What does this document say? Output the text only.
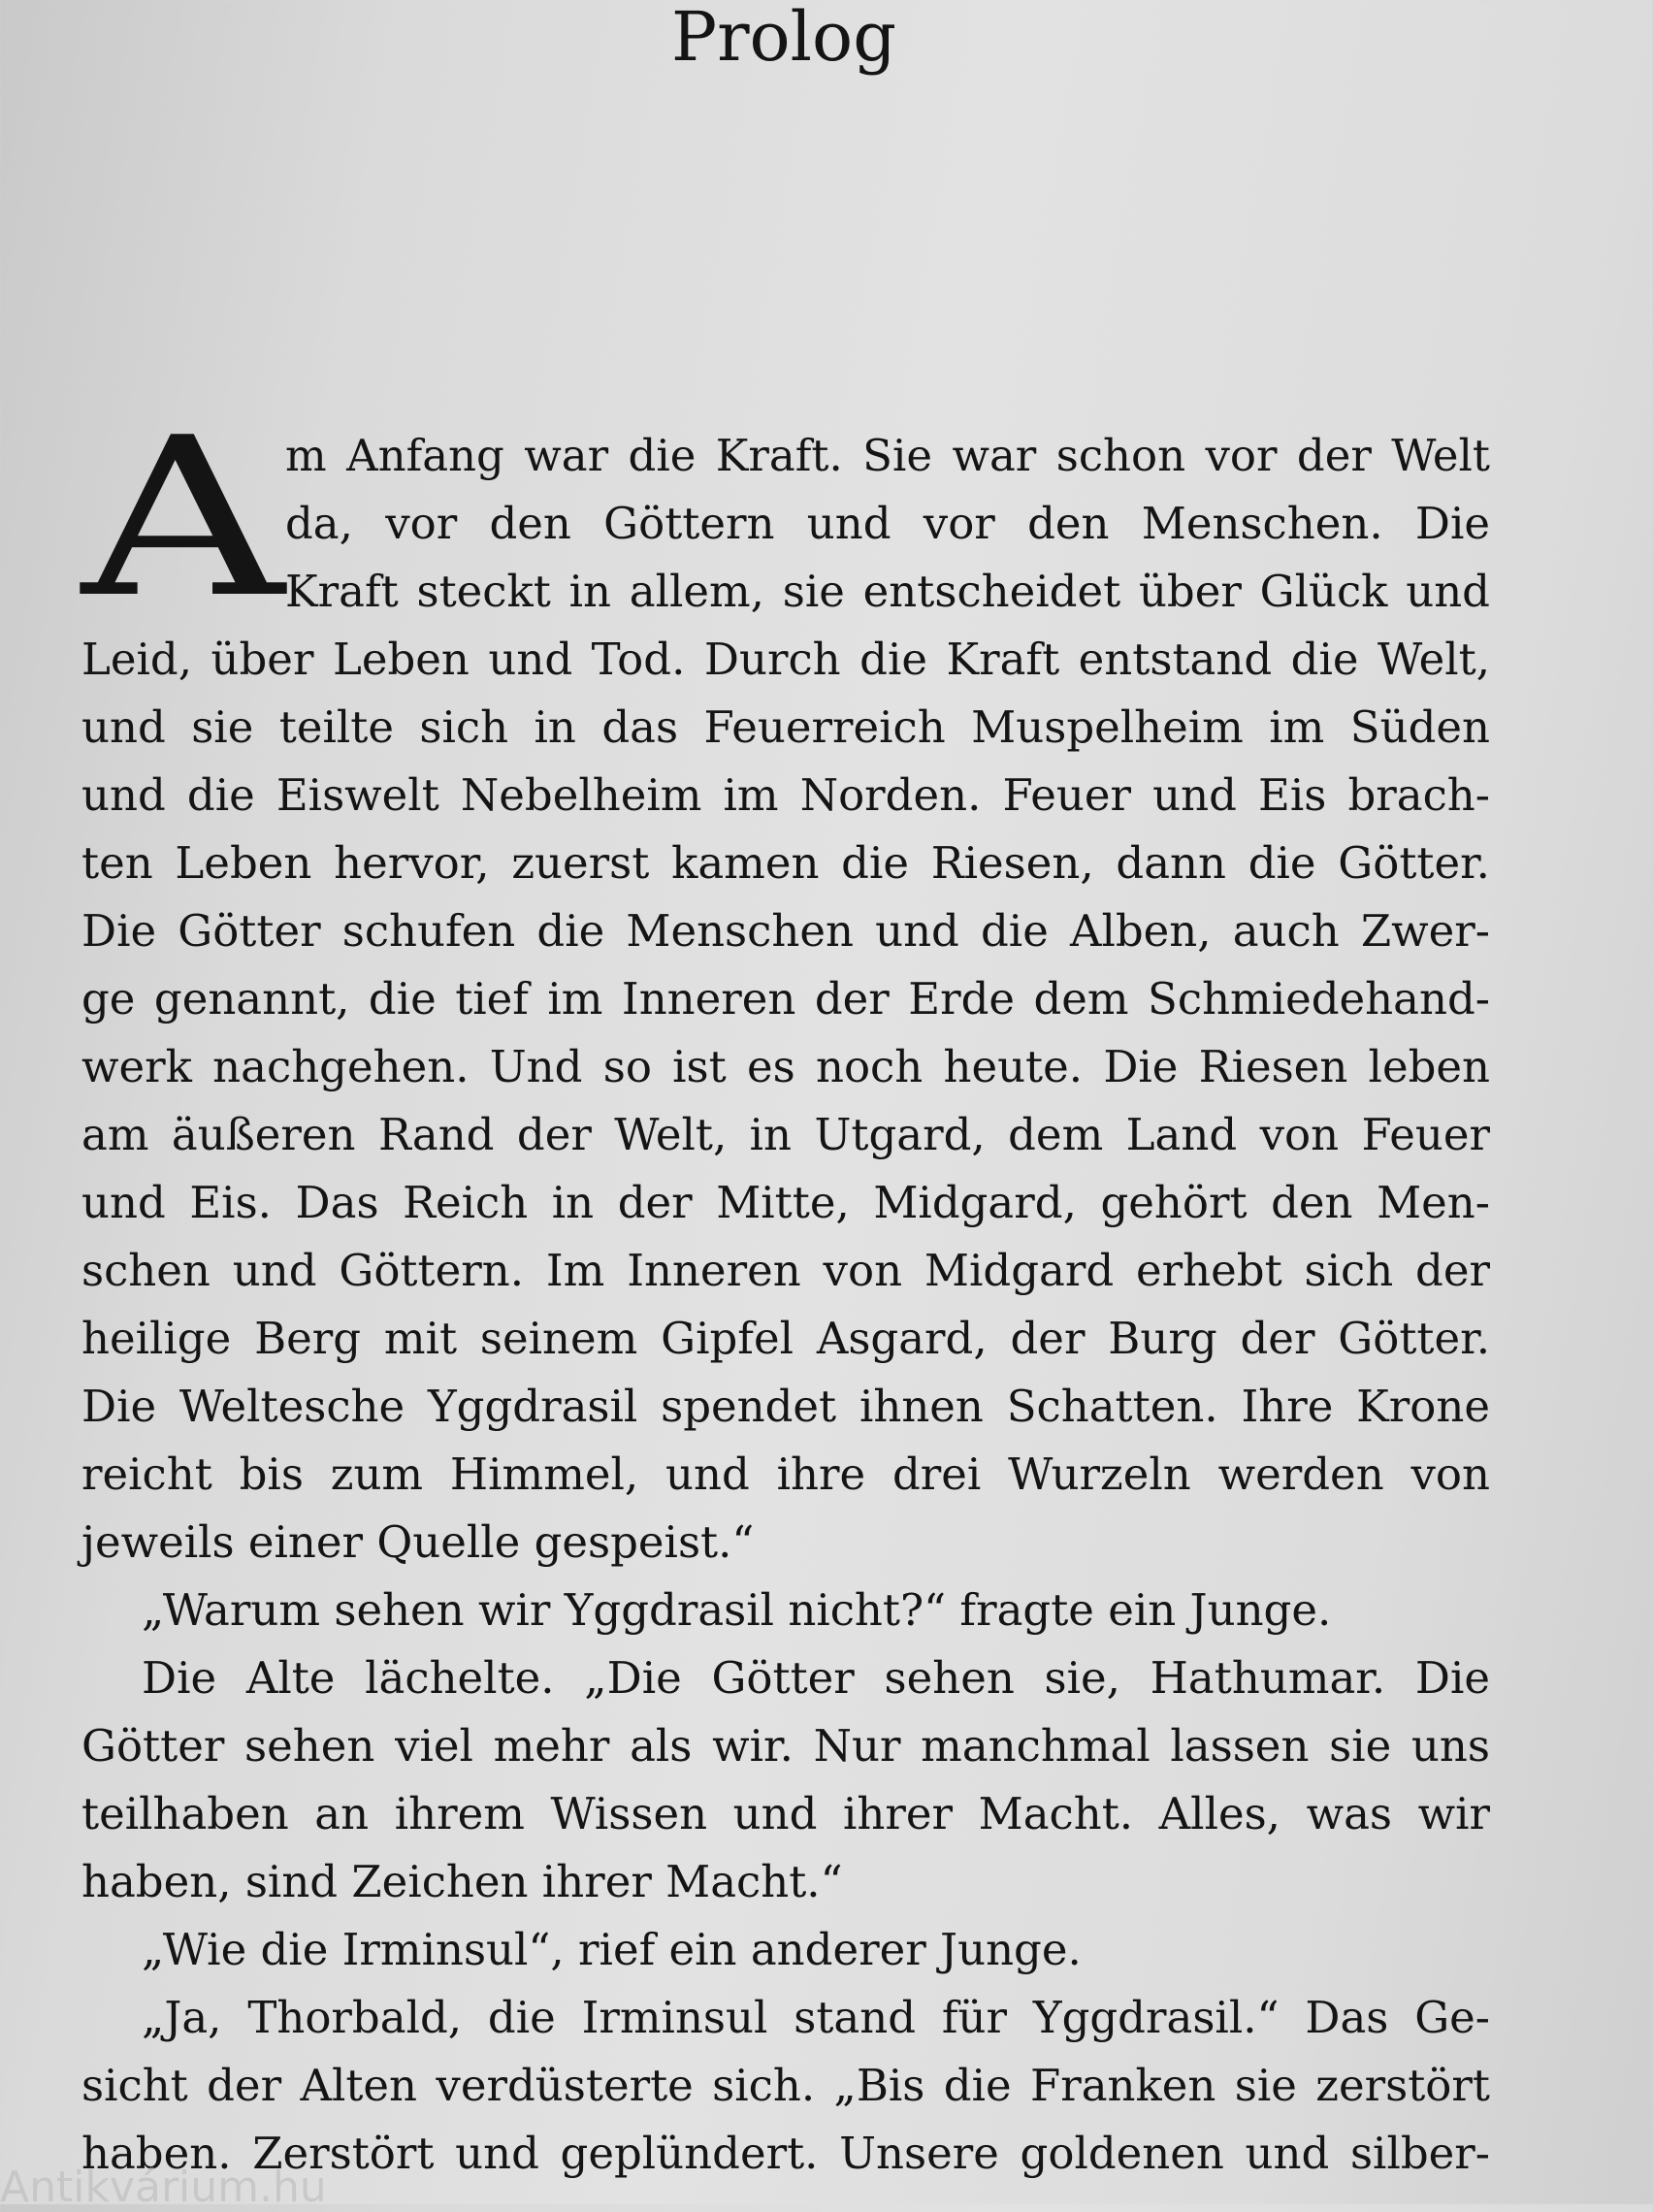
Prolog
A m Anfang war die Kraft. Sie war schon vor der Welt
da, vor den Göttern und vor den Menschen. Die
Kraft steckt in allem, sie entscheidet über Glück und
Leid, über Leben und Tod. Durch die Kraft entstand die Welt,
und sie teilte sich in das Feuerreich Muspelheim im Süden
und die Eiswelt Nebelheim im Norden. Feuer und Eis brach-
ten Leben hervor, zuerst kamen die Riesen, dann die Götter.
Die Götter schufen die Menschen und die Alben, auch Zwer-
ge genannt, die tief im Inneren der Erde dem Schmiedehand-
werk nachgehen. Und so ist es noch heute. Die Riesen leben
am äußeren Rand der Welt, in Utgard, dem Land von Feuer
und Eis. Das Reich in der Mitte, Midgard, gehört den Men-
schen und Göttern. Im Inneren von Midgard erhebt sich der
heilige Berg mit seinem Gipfel Asgard, der Burg der Götter.
Die Weltesche Yggdrasil spendet ihnen Schatten. Ihre Krone
reicht bis zum Himmel, und ihre drei Wurzeln werden von
jeweils einer Quelle gespeist.“
„Warum sehen wir Yggdrasil nicht?“ fragte ein Junge.
Die Alte lächelte. „Die Götter sehen sie, Hathumar. Die
Götter sehen viel mehr als wir. Nur manchmal lassen sie uns
teilhaben an ihrem Wissen und ihrer Macht. Alles, was wir
haben, sind Zeichen ihrer Macht.“
„Wie die Irminsul“, rief ein anderer Junge.
„Ja, Thorbald, die Irminsul stand für Yggdrasil.“ Das Ge-
sicht der Alten verdüsterte sich. „Bis die Franken sie zerstört
haben. Zerstört und geplündert. Unsere goldenen und silber-
Antikvárium.hu
